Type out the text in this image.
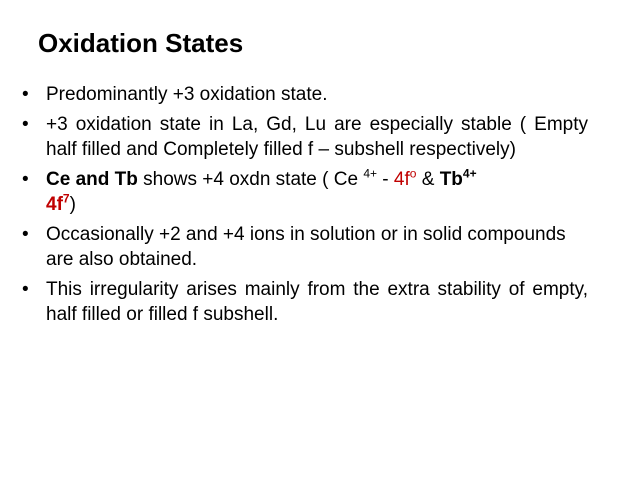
Oxidation States
• Predominantly +3 oxidation state.
• +3 oxidation state in La, Gd, Lu are especially stable ( Empty half filled and Completely filled f – subshell respectively)
• Ce and Tb shows +4 oxdn state ( Ce $^{4+} - 4f^o$ & $Tb^{4+}$
$4f^7$)
• Occasionally +2 and +4 ions in solution or in solid compounds are also obtained.
• This irregularity arises mainly from the extra stability of empty, half filled or filled f subshell.
